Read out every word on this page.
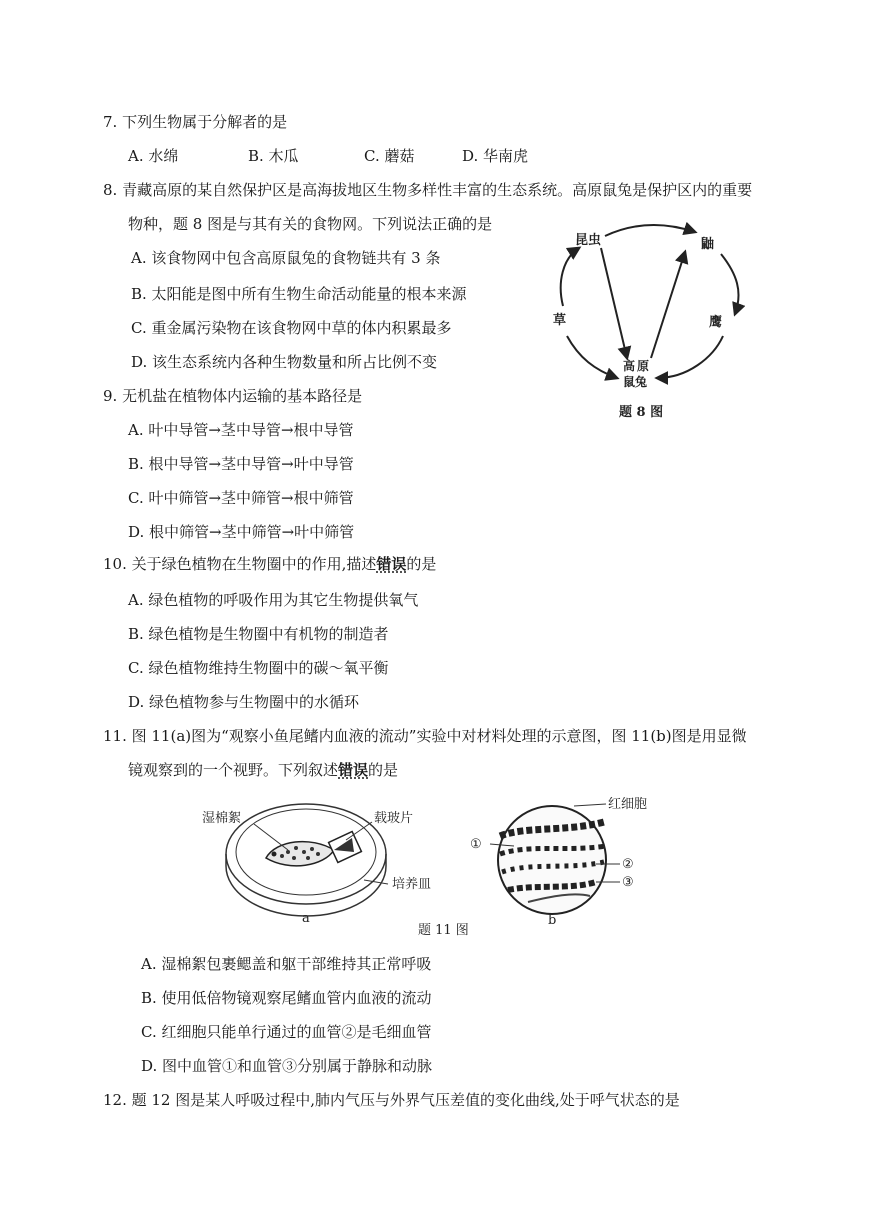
7. 下列生物属于分解者的是
A. 水绵	B. 木瓜	C. 蘑菇	D. 华南虎
8. 青藏高原的某自然保护区是高海拔地区生物多样性丰富的生态系统。高原鼠兔是保护区内的重要
物种，题 8 图是与其有关的食物网。下列说法正确的是
A. 该食物网中包含高原鼠兔的食物链共有 3 条
B. 太阳能是图中所有生物生命活动能量的根本来源
C. 重金属污染物在该食物网中草的体内积累最多
D. 该生态系统内各种生物数量和所占比例不变
昆虫	鼬
草	鹰
高 原
鼠兔
题 8 图
9. 无机盐在植物体内运输的基本路径是
A. 叶中导管→茎中导管→根中导管
B. 根中导管→茎中导管→叶中导管
C. 叶中筛管→茎中筛管→根中筛管
D. 根中筛管→茎中筛管→叶中筛管
10. 关于绿色植物在生物圈中的作用,描述错误的是
A. 绿色植物的呼吸作用为其它生物提供氧气
B. 绿色植物是生物圈中有机物的制造者
C. 绿色植物维持生物圈中的碳～氧平衡
D. 绿色植物参与生物圈中的水循环
11. 图 11(a)图为“观察小鱼尾鳍内血液的流动”实验中对材料处理的示意图，图 11(b)图是用显微
镜观察到的一个视野。下列叙述错误的是
湿棉絮	载玻片
培养皿
a
红细胞
①
②
③
b
题 11 图
A. 湿棉絮包裹鳃盖和躯干部维持其正常呼吸
B. 使用低倍物镜观察尾鳍血管内血液的流动
C. 红细胞只能单行通过的血管②是毛细血管
D. 图中血管①和血管③分别属于静脉和动脉
12. 题 12 图是某人呼吸过程中,肺内气压与外界气压差值的变化曲线,处于呼气状态的是
